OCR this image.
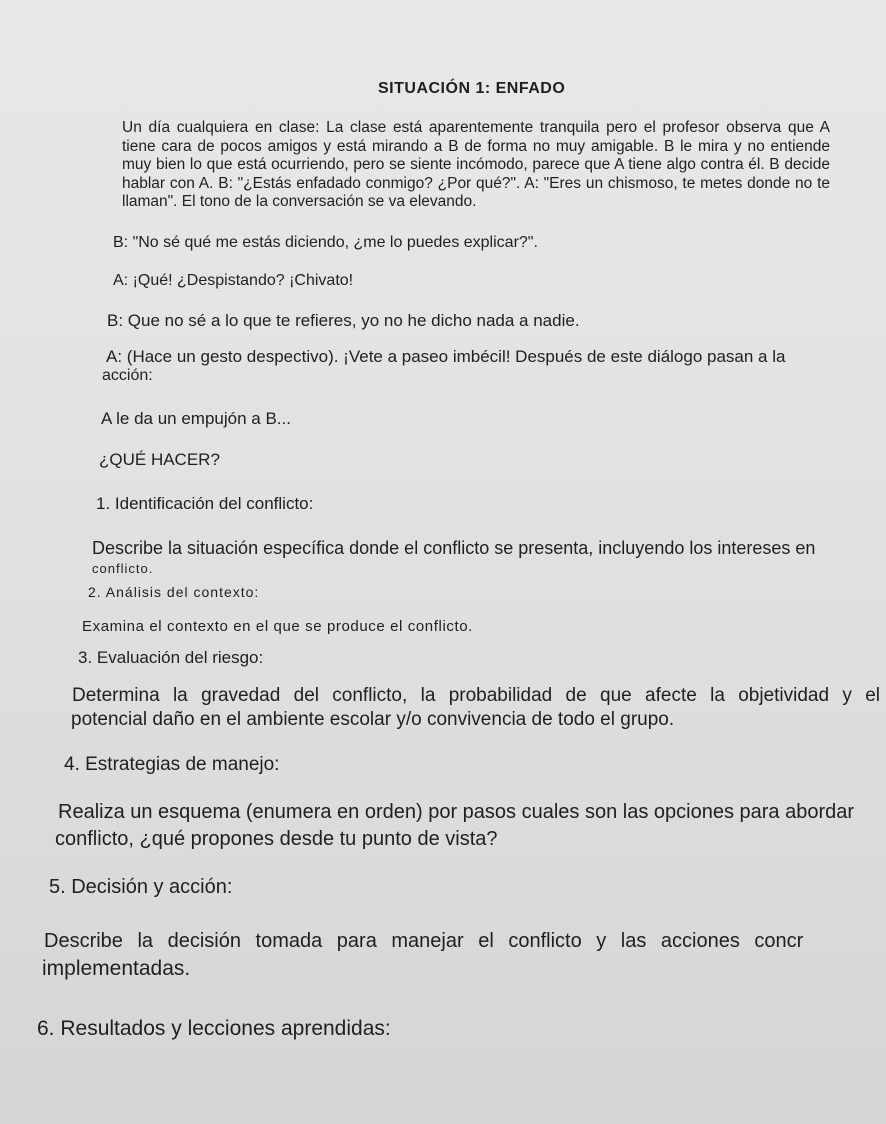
SITUACIÓN 1: ENFADO

Un día cualquiera en clase: La clase está aparentemente tranquila pero el profesor observa que A tiene cara de pocos amigos y está mirando a B de forma no muy amigable. B le mira y no entiende muy bien lo que está ocurriendo, pero se siente incómodo, parece que A tiene algo contra él. B decide hablar con A. B: "¿Estás enfadado conmigo? ¿Por qué?". A: "Eres un chismoso, te metes donde no te llaman". El tono de la conversación se va elevando.

B: "No sé qué me estás diciendo, ¿me lo puedes explicar?".
A: ¡Qué! ¿Despistando? ¡Chivato!
B: Que no sé a lo que te refieres, yo no he dicho nada a nadie.
A: (Hace un gesto despectivo). ¡Vete a paseo imbécil! Después de este diálogo pasan a la
acción:
A le da un empujón a B...
¿QUÉ HACER?
1. Identificación del conflicto:
Describe la situación específica donde el conflicto se presenta, incluyendo los intereses en
conflicto.
2. Análisis del contexto:
Examina el contexto en el que se produce el conflicto.
3. Evaluación del riesgo:
Determina la gravedad del conflicto, la probabilidad de que afecte la objetividad y el
potencial daño en el ambiente escolar y/o convivencia de todo el grupo.
4. Estrategias de manejo:
Realiza un esquema (enumera en orden) por pasos cuales son las opciones para abordar
conflicto, ¿qué propones desde tu punto de vista?
5. Decisión y acción:
Describe la decisión tomada para manejar el conflicto y las acciones concr
implementadas.
6. Resultados y lecciones aprendidas:
